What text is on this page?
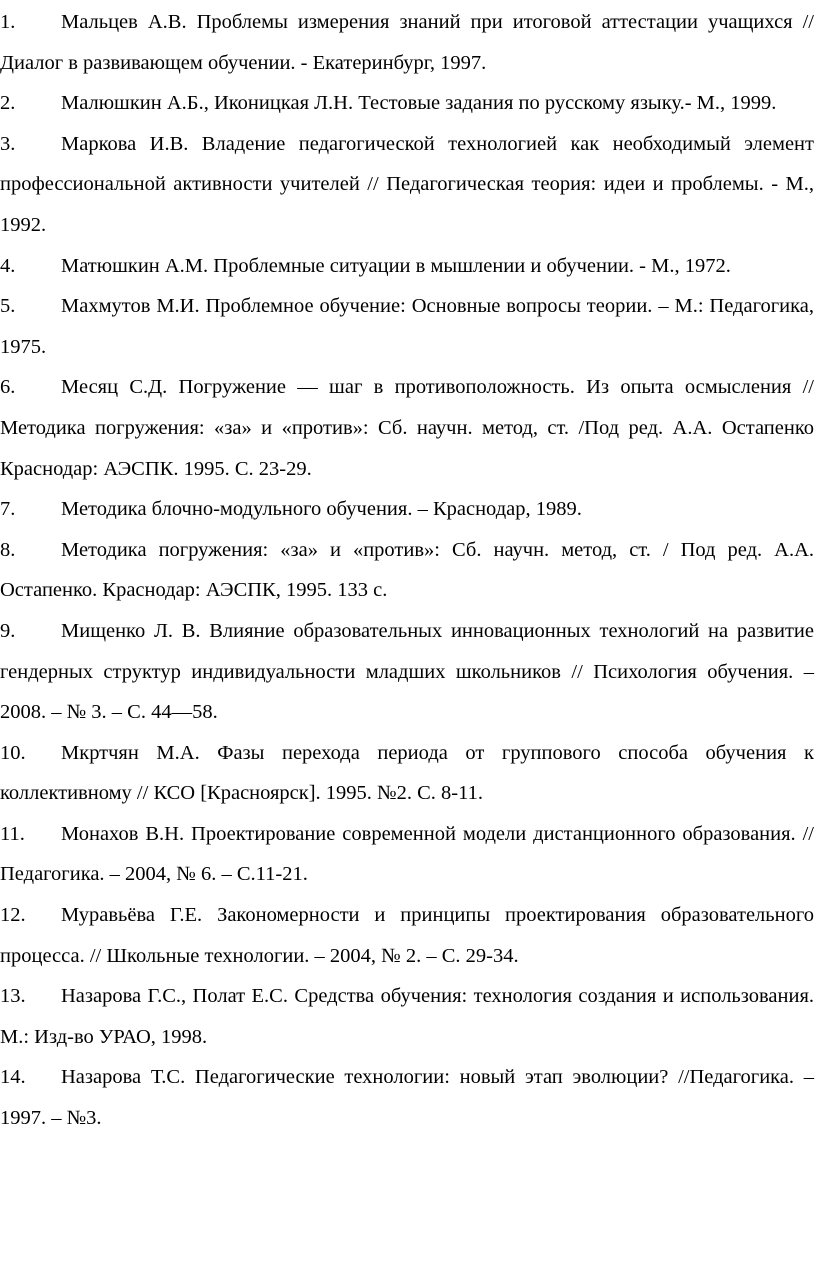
1. Мальцев А.В. Проблемы измерения знаний при итоговой аттестации учащихся // Диалог в развивающем обучении. - Екатеринбург, 1997.

2. Малюшкин А.Б., Иконицкая Л.Н. Тестовые задания по русскому языку.- М., 1999.

3. Маркова И.В. Владение педагогической технологией как необходимый элемент профессиональной активности учителей // Педагогическая теория: идеи и проблемы. - М., 1992.

4. Матюшкин А.М. Проблемные ситуации в мышлении и обучении. - М., 1972.

5. Махмутов М.И. Проблемное обучение: Основные вопросы теории. – М.: Педагогика, 1975.

6. Месяц С.Д. Погружение — шаг в противоположность. Из опыта осмысления // Методика погружения: «за» и «против»: Сб. научн. метод, ст. /Под ред. А.А. Остапенко Краснодар: АЭСПК. 1995. С. 23-29.

7. Методика блочно-модульного обучения. – Краснодар, 1989.

8. Методика погружения: «за» и «против»: Сб. научн. метод, ст. / Под ред. А.А. Остапенко. Краснодар: АЭСПК, 1995. 133 с.

9. Мищенко Л. В. Влияние образовательных инновационных технологий на развитие гендерных структур индивидуальности младших школьников // Психология обучения. – 2008. – № 3. – С. 44—58.

10. Мкртчян М.А. Фазы перехода периода от группового способа обучения к коллективному // КСО [Красноярск]. 1995. №2. С. 8-11.

11. Монахов В.Н. Проектирование современной модели дистанционного образования. // Педагогика. – 2004, № 6. – С.11-21.

12. Муравьёва Г.Е. Закономерности и принципы проектирования образовательного процесса. // Школьные технологии. – 2004, № 2. – С. 29-34.

13. Назарова Г.С., Полат Е.С. Средства обучения: технология создания и использования. М.: Изд-во УРАО, 1998.

14. Назарова Т.С. Педагогические технологии: новый этап эволюции? //Педагогика. – 1997. – №3.
